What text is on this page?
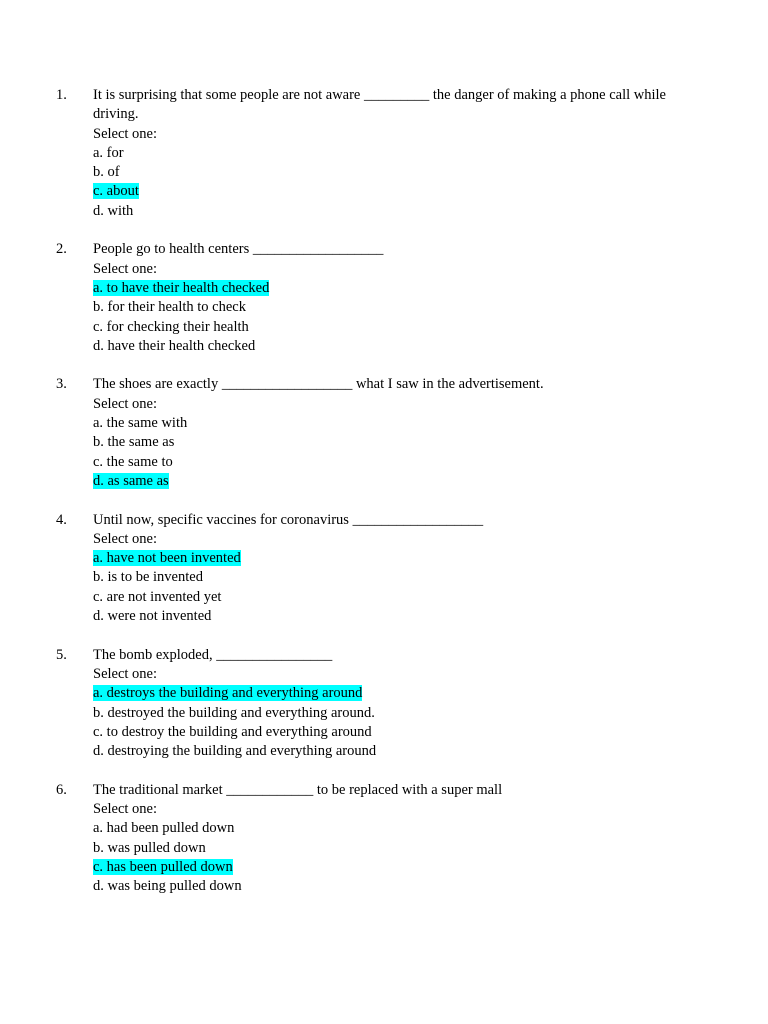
1.	It is surprising that some people are not aware _________ the danger of making a phone call while driving.
Select one:
a. for
b. of
c. about
d. with
2.	People go to health centers __________________
Select one:
a. to have their health checked
b. for their health to check
c. for checking their health
d. have their health checked
3.	The shoes are exactly __________________ what I saw in the advertisement.
Select one:
a. the same with
b. the same as
c. the same to
d. as same as
4.	Until now, specific vaccines for coronavirus __________________
Select one:
a. have not been invented
b. is to be invented
c. are not invented yet
d. were not invented
5.	The bomb exploded, ________________
Select one:
a. destroys the building and everything around
b. destroyed the building and everything around.
c. to destroy the building and everything around
d. destroying the building and everything around
6.	The traditional market ____________ to be replaced with a super mall
Select one:
a. had been pulled down
b. was pulled down
c. has been pulled down
d. was being pulled down
